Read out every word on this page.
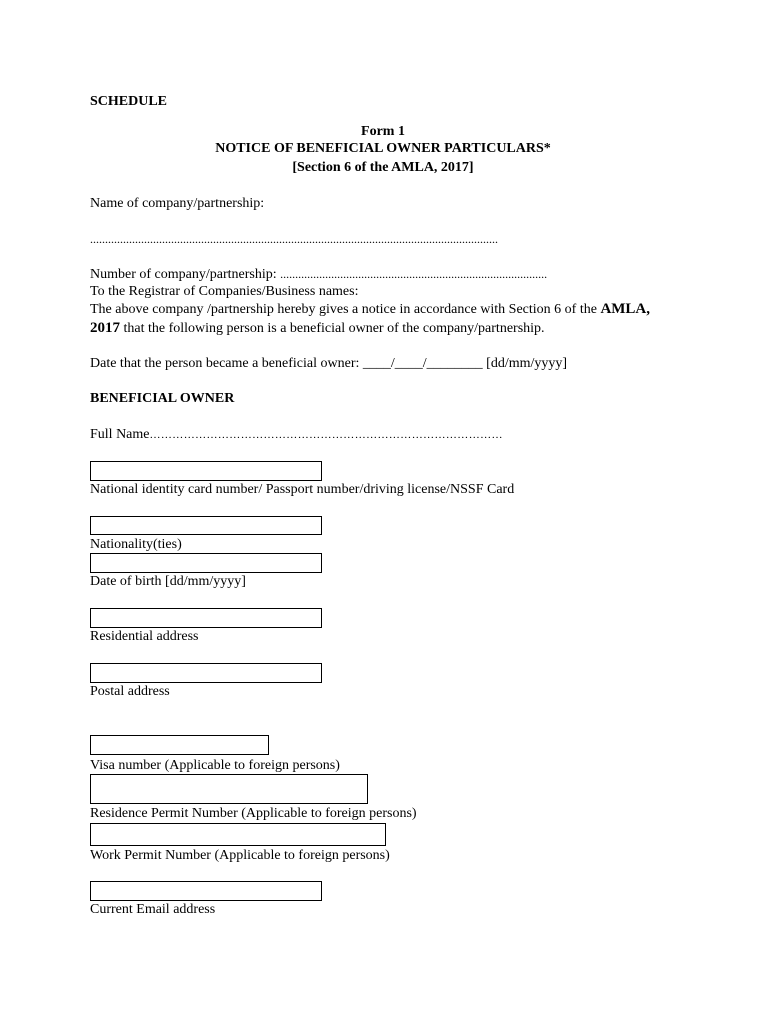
SCHEDULE
Form 1
NOTICE OF BENEFICIAL OWNER PARTICULARS*
[Section 6 of the AMLA, 2017]
Name of company/partnership:
........................................................................................................................................
Number of company/partnership: .........................................................................................
To the Registrar of Companies/Business names:
The above company /partnership hereby gives a notice in accordance with Section 6 of the AMLA,
2017 that the following person is a beneficial owner of the company/partnership.
Date that the person became a beneficial owner: ____/____/________ [dd/mm/yyyy]
BENEFICIAL OWNER
Full Name…………………………………………………………………………………
National identity card number/ Passport number/driving license/NSSF Card
Nationality(ties)
Date of birth [dd/mm/yyyy]
Residential address
Postal address
Visa number (Applicable to foreign persons)
Residence Permit Number (Applicable to foreign persons)
Work Permit Number (Applicable to foreign persons)
Current Email address
